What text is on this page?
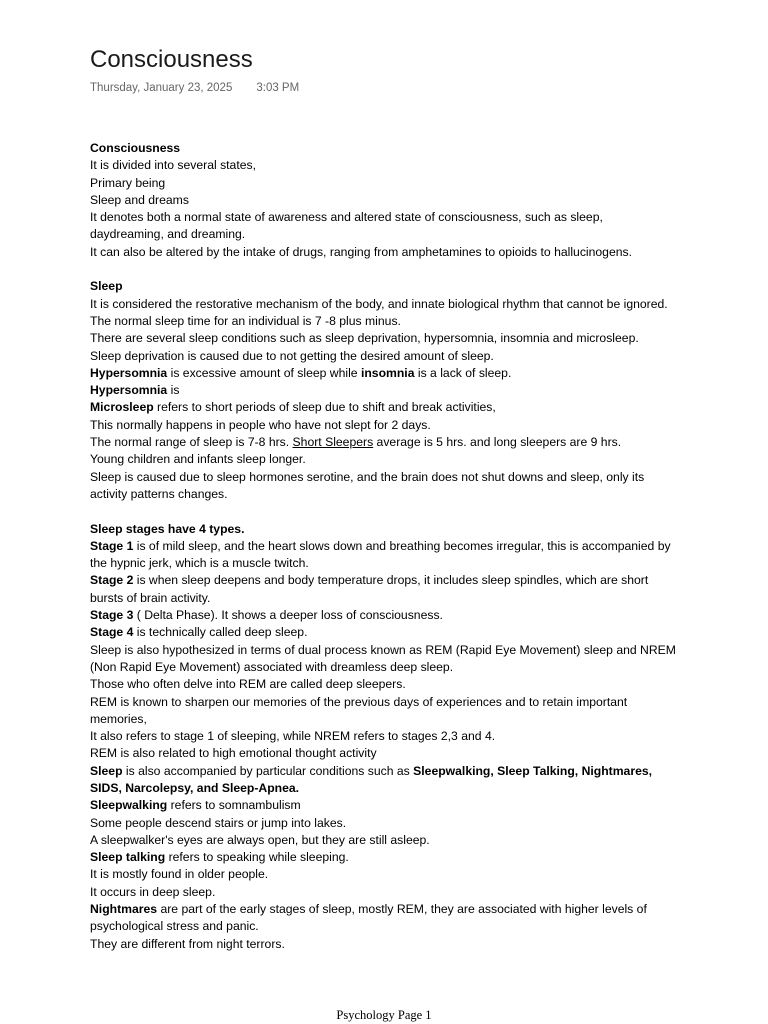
Consciousness
Thursday, January 23, 2025 3:03 PM

Consciousness

It is divided into several states,

Primary being

Sleep and dreams

It denotes both a normal state of awareness and altered state of consciousness, such as sleep, daydreaming, and dreaming.

It can also be altered by the intake of drugs, ranging from amphetamines to opioids to hallucinogens.

Sleep

It is considered the restorative mechanism of the body, and innate biological rhythm that cannot be ignored.

The normal sleep time for an individual is 7 -8 plus minus.

There are several sleep conditions such as sleep deprivation, hypersomnia, insomnia and microsleep.

Sleep deprivation is caused due to not getting the desired amount of sleep.

Hypersomnia is excessive amount of sleep while insomnia is a lack of sleep.

Hypersomnia is

Microsleep refers to short periods of sleep due to shift and break activities,

This normally happens in people who have not slept for 2 days.

The normal range of sleep is 7-8 hrs. Short Sleepers average is 5 hrs. and long sleepers are 9 hrs.

Young children and infants sleep longer.

Sleep is caused due to sleep hormones serotine, and the brain does not shut downs and sleep, only its activity patterns changes.

Sleep stages have 4 types.

Stage 1 is of mild sleep, and the heart slows down and breathing becomes irregular, this is accompanied by the hypnic jerk, which is a muscle twitch.

Stage 2 is when sleep deepens and body temperature drops, it includes sleep spindles, which are short bursts of brain activity.

Stage 3 ( Delta Phase). It shows a deeper loss of consciousness.

Stage 4 is technically called deep sleep.

Sleep is also hypothesized in terms of dual process known as REM (Rapid Eye Movement) sleep and NREM (Non Rapid Eye Movement) associated with dreamless deep sleep.

Those who often delve into REM are called deep sleepers.

REM is known to sharpen our memories of the previous days of experiences and to retain important memories,

It also refers to stage 1 of sleeping, while NREM refers to stages 2,3 and 4.

REM is also related to high emotional thought activity

Sleep is also accompanied by particular conditions such as Sleepwalking, Sleep Talking, Nightmares, SIDS, Narcolepsy, and Sleep-Apnea.

Sleepwalking refers to somnambulism

Some people descend stairs or jump into lakes.

A sleepwalker's eyes are always open, but they are still asleep.

Sleep talking refers to speaking while sleeping.

It is mostly found in older people.

It occurs in deep sleep.

Nightmares are part of the early stages of sleep, mostly REM, they are associated with higher levels of psychological stress and panic.

They are different from night terrors.

Psychology Page 1
